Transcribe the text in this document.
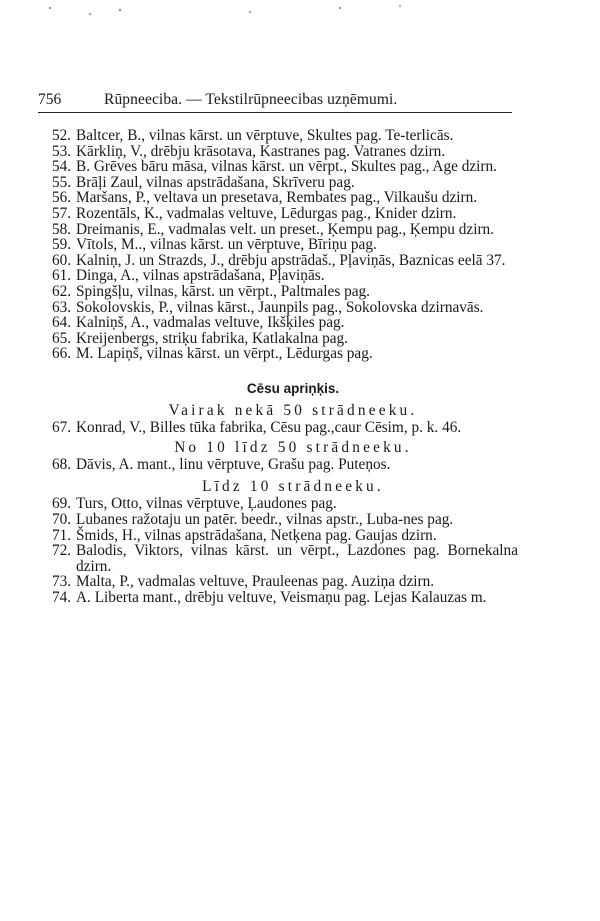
756	Rūpneeciba. — Tekstilrūpneecibas uzņēmumi.
52. Baltcer, B., vilnas kārst. un vērptuve, Skultes pag. Te-terlicās.
53. Kārkliņ, V., drēbju krāsotava, Kastranes pag. Vatranes dzirn.
54. B. Grēves bāru māsa, vilnas kārst. un vērpt., Skultes pag., Age dzirn.
55. Brāļi Zaul, vilnas apstrādašana, Skrīveru pag.
56. Maršans, P., veltava un presetava, Rembates pag., Vilkaušu dzirn.
57. Rozentāls, K., vadmalas veltuve, Lēdurgas pag., Knider dzirn.
58. Dreimanis, E., vadmalas velt. un preset., Ķempu pag., Ķempu dzirn.
59. Vītols, M.., vilnas kārst. un vērptuve, Bīriņu pag.
60. Kalniņ, J. un Strazds, J., drēbju apstrādaš., Pļaviņās, Baznicas eelā 37.
61. Dinga, A., vilnas apstrādašana, Pļaviņās.
62. Spingšļu, vilnas, kārst. un vērpt., Paltmales pag.
63. Sokolovskis, P., vilnas kārst., Jaunpils pag., Sokolovska dzirnavās.
64. Kalniņš, A., vadmalas veltuve, Ikšķiles pag.
65. Kreijenbergs, striķu fabrika, Katlakalna pag.
66. M. Lapiņš, vilnas kārst. un vērpt., Lēdurgas pag.
Cēsu apriņķis.
Vairak nekā 50 strādneeku.
67. Konrad, V., Billes tūka fabrika, Cēsu pag.,caur Cēsim, p. k. 46.
No 10 līdz 50 strādneeku.
68. Dāvis, A. mant., linu vērptuve, Grašu pag. Puteņos.
Līdz 10 strādneeku.
69. Turs, Otto, vilnas vērptuve, Ļaudones pag.
70. Lubanes ražotaju un patēr. beedr., vilnas apstr., Luba-nes pag.
71. Šmids, H., vilnas apstrādašana, Netķena pag. Gaujas dzirn.
72. Balodis, Viktors, vilnas kārst. un vērpt., Lazdones pag. Bornekalna dzirn.
73. Malta, P., vadmalas veltuve, Prauleenas pag. Auziņa dzirn.
74. A. Liberta mant., drēbju veltuve, Veismaņu pag. Lejas Kalauzas m.
